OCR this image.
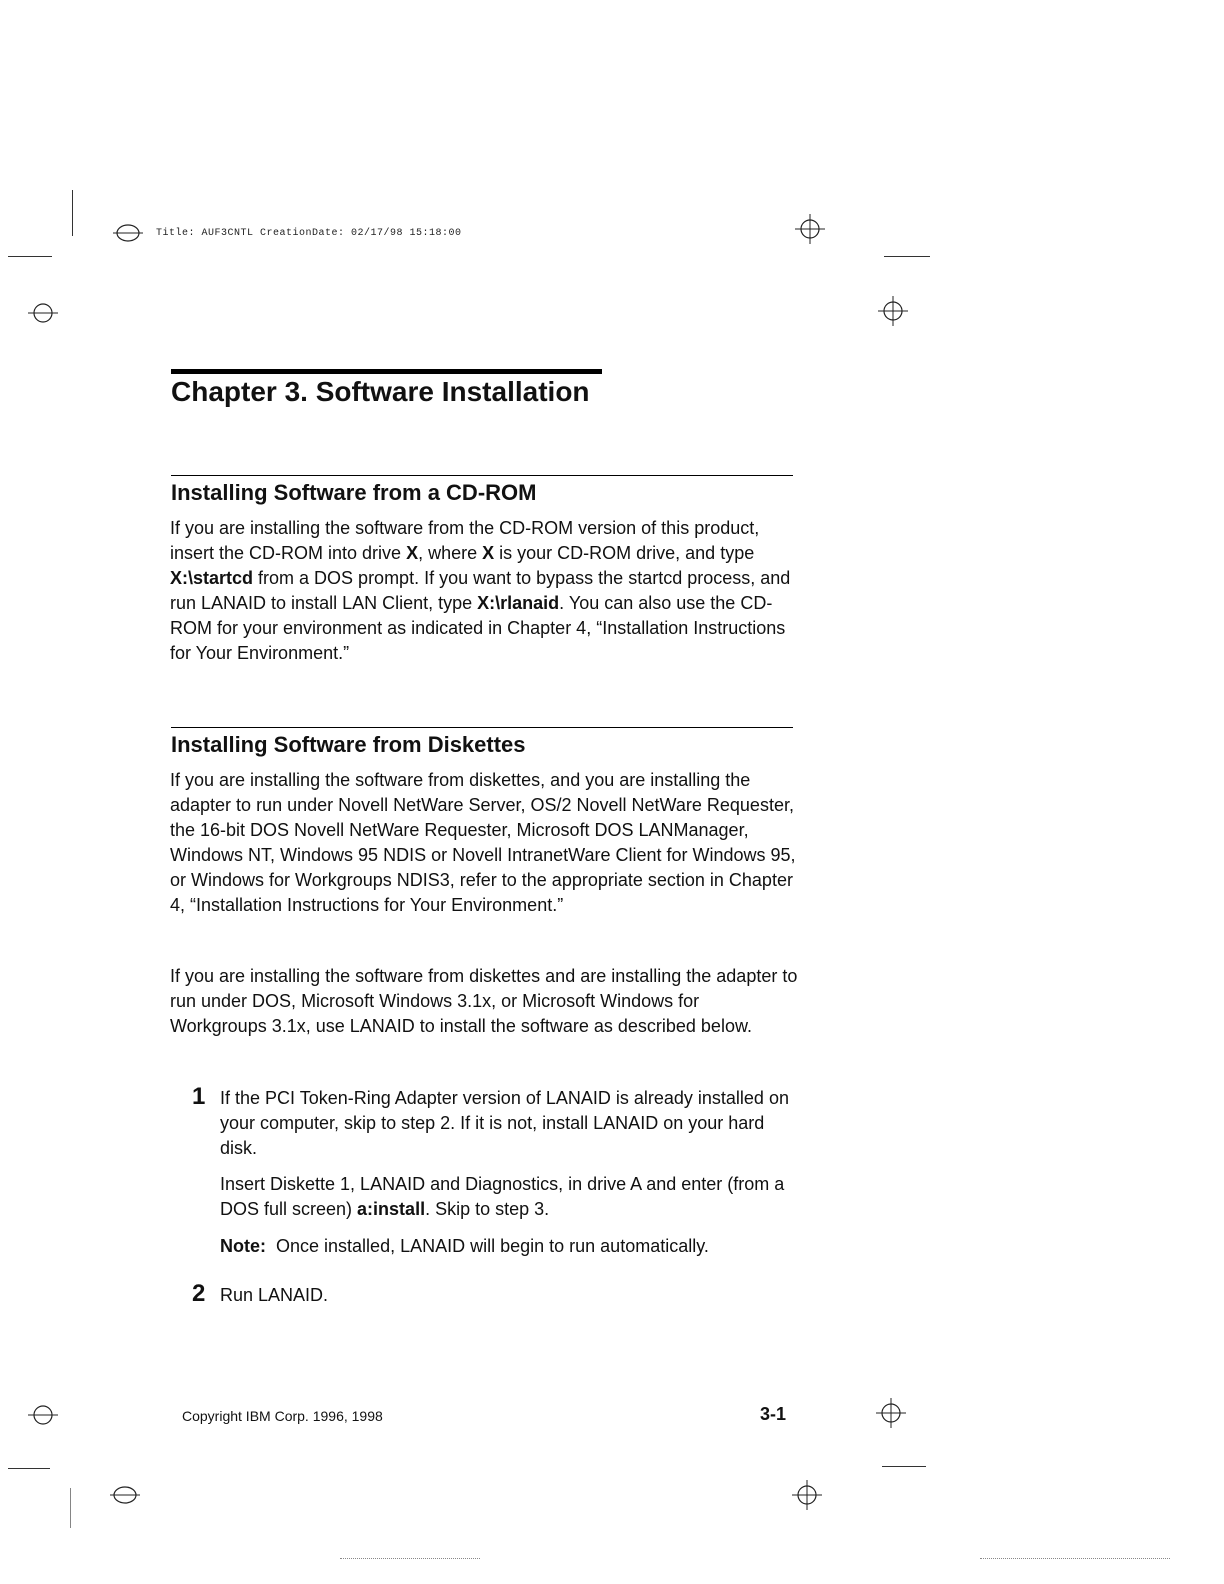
Title: AUF3CNTL CreationDate: 02/17/98 15:18:00
Chapter 3. Software Installation
Installing Software from a CD-ROM

If you are installing the software from the CD-ROM version of this product, insert the CD-ROM into drive X, where X is your CD-ROM drive, and type X:\startcd from a DOS prompt. If you want to bypass the startcd process, and run LANAID to install LAN Client, type X:\rlanaid. You can also use the CD-ROM for your environment as indicated in Chapter 4, “Installation Instructions for Your Environment.”

Installing Software from Diskettes

If you are installing the software from diskettes, and you are installing the adapter to run under Novell NetWare Server, OS/2 Novell NetWare Requester, the 16-bit DOS Novell NetWare Requester, Microsoft DOS LANManager, Windows NT, Windows 95 NDIS or Novell IntranetWare Client for Windows 95, or Windows for Workgroups NDIS3, refer to the appropriate section in Chapter 4, “Installation Instructions for Your Environment.”

If you are installing the software from diskettes and are installing the adapter to run under DOS, Microsoft Windows 3.1x, or Microsoft Windows for Workgroups 3.1x, use LANAID to install the software as described below.

1 If the PCI Token-Ring Adapter version of LANAID is already installed on your computer, skip to step 2. If it is not, install LANAID on your hard disk.

Insert Diskette 1, LANAID and Diagnostics, in drive A and enter (from a DOS full screen) a:install. Skip to step 3.

Note: Once installed, LANAID will begin to run automatically.

2 Run LANAID.

Copyright IBM Corp. 1996, 1998	3-1
